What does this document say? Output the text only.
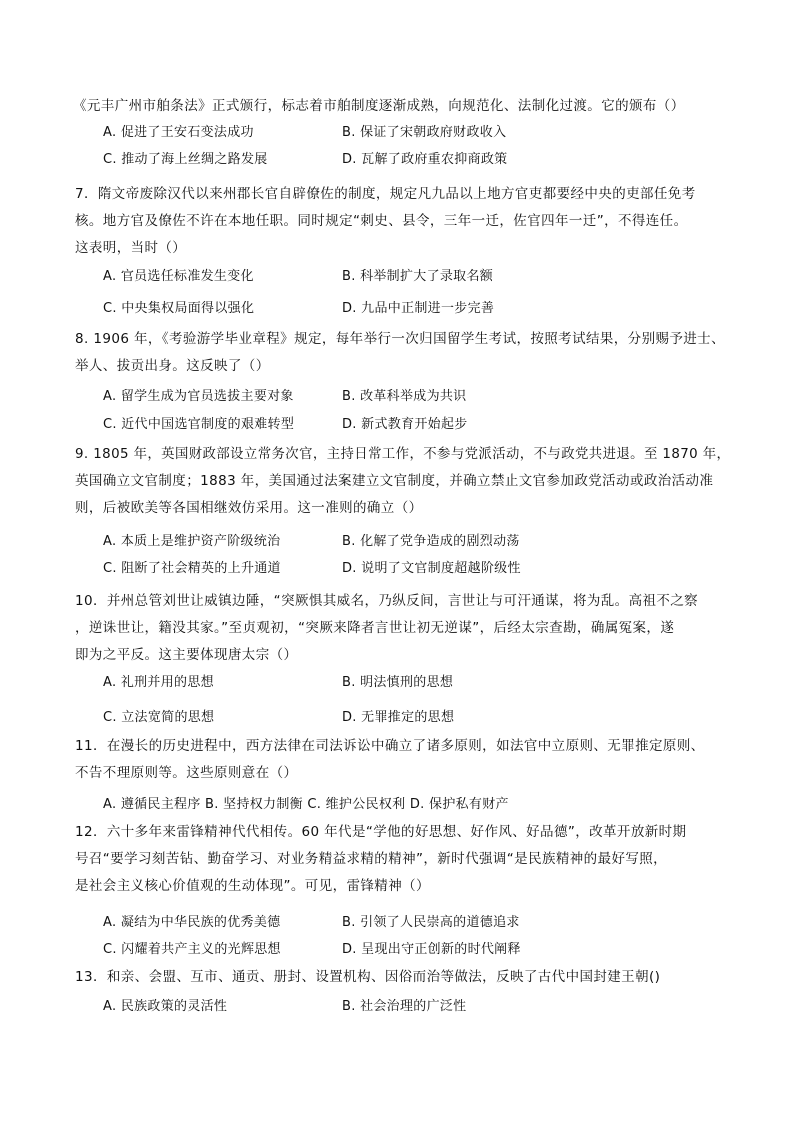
《元丰广州市舶条法》正式颁行，标志着市舶制度逐渐成熟，向规范化、法制化过渡。它的颁布（）
A. 促进了王安石变法成功	B. 保证了宋朝政府财政收入
C. 推动了海上丝绸之路发展	D. 瓦解了政府重农抑商政策
7．隋文帝废除汉代以来州郡长官自辟僚佐的制度，规定凡九品以上地方官吏都要经中央的吏部任免考
核。地方官及僚佐不许在本地任职。同时规定“刺史、县令，三年一迁，佐官四年一迁”，不得连任。
这表明，当时（）
A. 官员选任标准发生变化	B. 科举制扩大了录取名额
C. 中央集权局面得以强化	D. 九品中正制进一步完善
8. 1906 年，《考验游学毕业章程》规定，每年举行一次归国留学生考试，按照考试结果，分别赐予进士、
举人、拔贡出身。这反映了（）
A. 留学生成为官员选拔主要对象	B. 改革科举成为共识
C. 近代中国选官制度的艰难转型	D. 新式教育开始起步
9. 1805 年，英国财政部设立常务次官，主持日常工作，不参与党派活动，不与政党共进退。至 1870 年，
英国确立文官制度；1883 年，美国通过法案建立文官制度，并确立禁止文官参加政党活动或政治活动准
则，后被欧美等各国相继效仿采用。这一准则的确立（）
A. 本质上是维护资产阶级统治	B. 化解了党争造成的剧烈动荡
C. 阻断了社会精英的上升通道	D. 说明了文官制度超越阶级性
10．并州总管刘世让威镇边陲，“突厥惧其威名，乃纵反间，言世让与可汗通谋，将为乱。高祖不之察
，逆诛世让，籍没其家。”至贞观初，“突厥来降者言世让初无逆谋”，后经太宗查勘，确属冤案，遂
即为之平反。这主要体现唐太宗（）
A. 礼刑并用的思想	B. 明法慎刑的思想
C. 立法宽简的思想	D. 无罪推定的思想
11．在漫长的历史进程中，西方法律在司法诉讼中确立了诸多原则，如法官中立原则、无罪推定原则、
不告不理原则等。这些原则意在（）
A. 遵循民主程序 B. 坚持权力制衡 C. 维护公民权利 D. 保护私有财产
12．六十多年来雷锋精神代代相传。60 年代是“学他的好思想、好作风、好品德”，改革开放新时期
号召“要学习刻苦钻、勤奋学习、对业务精益求精的精神”，新时代强调“是民族精神的最好写照，
是社会主义核心价值观的生动体现”。可见，雷锋精神（）
A. 凝结为中华民族的优秀美德	B. 引领了人民崇高的道德追求
C. 闪耀着共产主义的光辉思想	D. 呈现出守正创新的时代阐释
13．和亲、会盟、互市、通贡、册封、设置机构、因俗而治等做法，反映了古代中国封建王朝()
A. 民族政策的灵活性	B. 社会治理的广泛性
